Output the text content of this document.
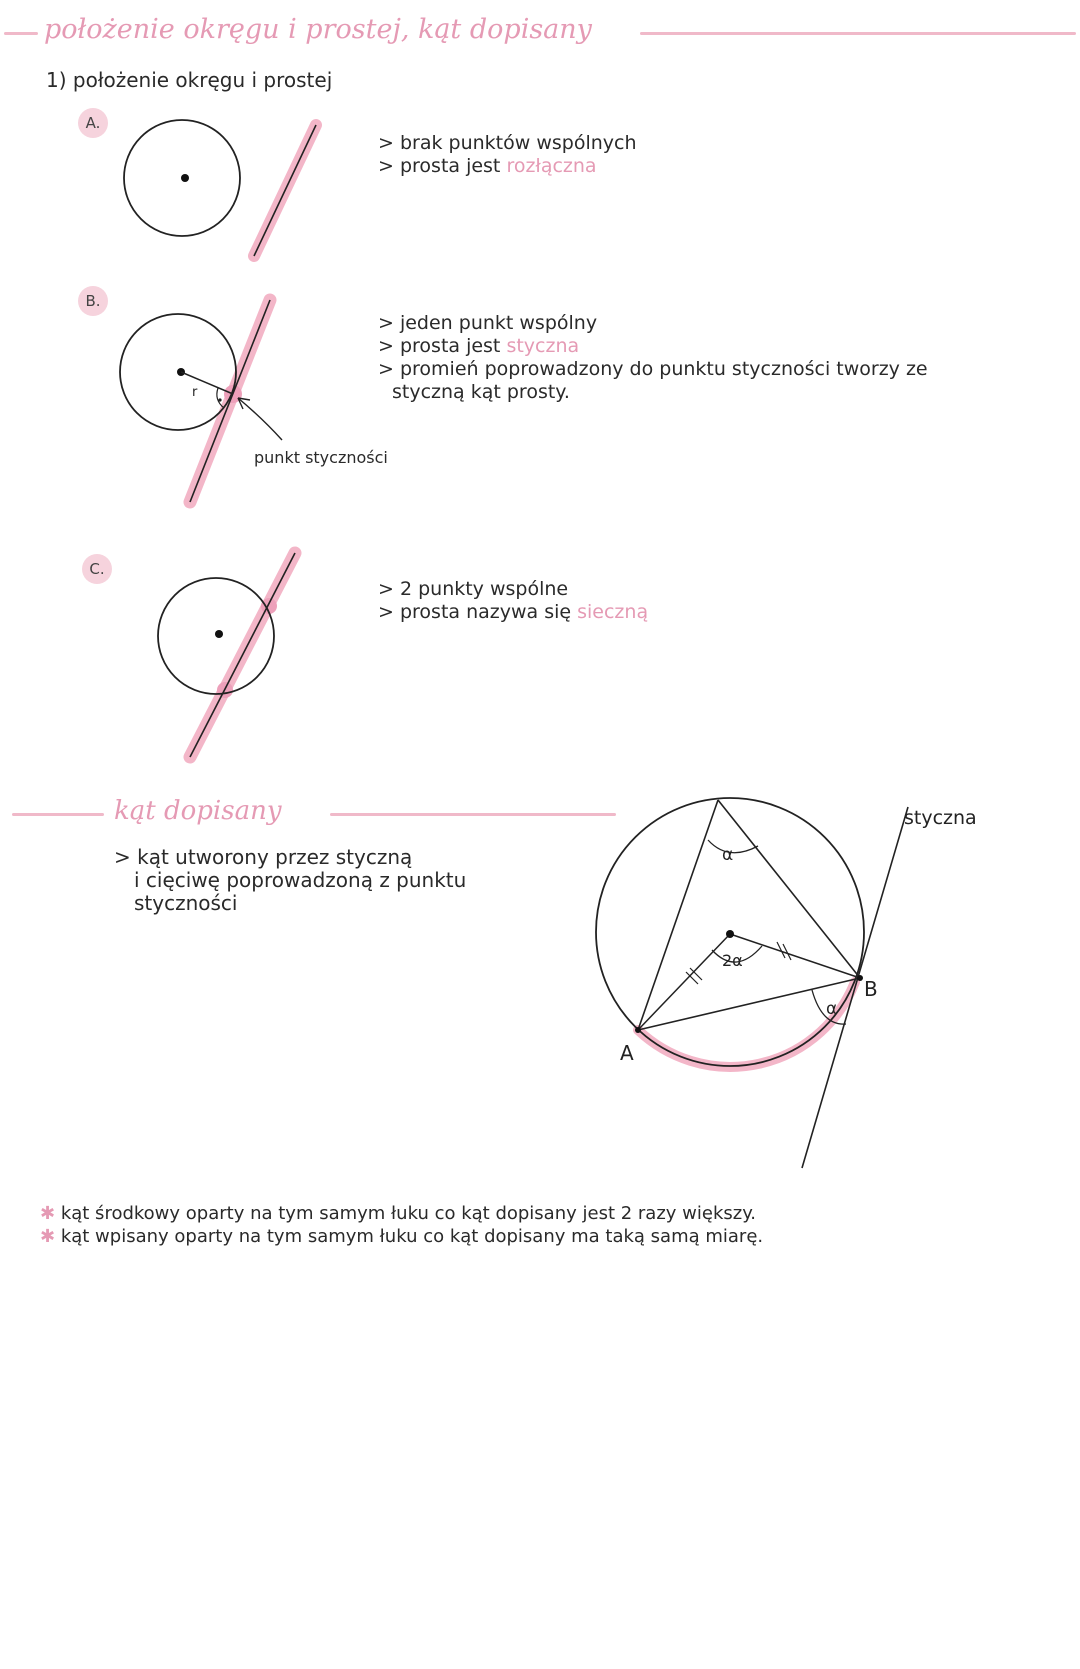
położenie okręgu i prostej, kąt dopisany
1) położenie okręgu i prostej
A.
> brak punktów wspólnych
> prosta jest rozłączna
B.
> jeden punkt wspólny
> prosta jest styczna
> promień poprowadzony do punktu styczności tworzy ze
styczną kąt prosty.
punkt styczności
C.
> 2 punkty wspólne
> prosta nazywa się sieczną
kąt dopisany
> kąt utworony przez styczną
i cięciwę poprowadzoną z punktu
styczności
✱ kąt środkowy oparty na tym samym łuku co kąt dopisany jest 2 razy większy.
✱ kąt wpisany oparty na tym samym łuku co kąt dopisany ma taką samą miarę.
r
α
2α
α
A
B
styczna
